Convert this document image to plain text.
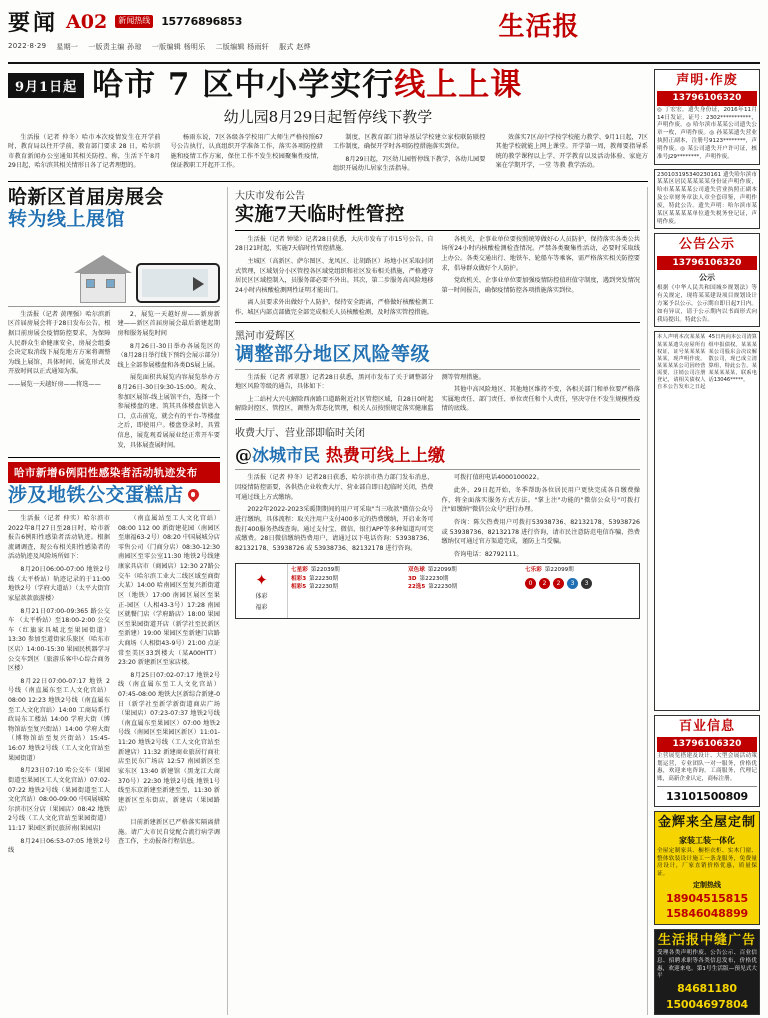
要闻 A02	新闻热线 15776896853
2022·8·29 星期一 一版责主编 孙琼 一版编辑 杨明乐 二版编辑 杨雨轩 服式 赵烨
生活报
9月1日起 哈市 7 区中小学实行线上上课
幼儿园8月29日起暂停线下教学

生活报（记者 仲冬）哈市本次疫情发生在开学前时，教育局以往开学前，教育部门要求 28 日，哈尔滨市教育新闻办公室通知其相关防控、称，生活下午8月29日起，哈尔滨其相关情形日各了记者理想的。

杨雨东说，7区各级各学校用广大师生严格按照67号公告执行，认真组织开学准备工作，落实各项防控措施和疫情工作方案，保住工作不发生校园聚集性疫情，保证教职工开起开工作。

制度，区教育部门指导基层学校建立家校联防联控工作制度，确保开学时各项防控措施落实到位。

8月29日起，7区幼儿园暂停线下教学，各幼儿园要组织开展幼儿居家生活指导。

效落实7区高中学按学校能力教学、9月1日起，7区其他学校就能上网上课堂。开学第一周，教师要指导系统的教学课程以上学、开学教育以及活动体验、家庭方案在学期开学，一堂 等教 教学活动。

哈新区首届房展会
转为线上展馆

生活报（记者 黄理强）哈尔滨新区首届房展会将于28日发布公告，根据目前房展会疫情防控要求，为保障人民群众生命健康安全，房展会组委会决定取消线下展览地方方案将调整为线上展馆，具体时间、展览形式及开放时间以正式通知为准。

——展览一天越好房——将选——

2、展览一天越好房——新房新建——新区首届房展会最后新建起期房和服务展览时间

8月26日-30日举办各展览区的（8月28日举行线下预约会展示部分）线上全部参展楼盘和各类DS展上展。

展览面积共展览内容展览举办方8月26日-30日9:30-15:00。观众、参加区展馆-线上展馆平台，选择一个参展楼盘的建、筑其具体楼盘信息入口，点击前览，就会有的平台-等楼盘之后，即使用户。楼盘登录时，具置信息，展览观看展展业经正常开车要发，具体展查展时间。

哈市新增6例阳性感染者活动轨迹发布
涉及地铁公交蛋糕店

生活报（记者 仲实）哈尔滨市2022年8月27日至28日时，哈市新报告6例阳性感染者活动轨迹。根据流调调查，现公布相关阳性感染者的活动轨迹及风险场所如下：

8月20日06:00-07:00 地铁2号线（太平桥站）轨迹记录的于11:00 地铁2号（学府大道站）（太平大街宫家屋款款旅游楼）

8月21日07:00-09:365 路公交车 （太平桥站）至18:00-2:00 公交车（红旗家具城北至果园街道）13:30 参加至道街家乐旅区（哈东市区店）14:00-15:30 果园民机器学习公交车到区（旅游乐客中心综合商务区楼）

8月22日07:00-07:17 地铁 2 号线（南直属东至工人文化宫站）08:00 12:23 地铁2号线（南直属东至工人文化宫站）14:00 工商局系行政局东工楼站 14:00 学府大街（博物馆站至复兴街站）14:00 学府大街（博物馆站至复兴街站）15:45-16:07 地铁2号线（工人文化宫站至果园街道）

8月23日07:10 哈公交车（果园街道至果园区工人文化宫站）07:02-07:22 地铁2号线（果园街道至工人文化宫站）08:00-09:00 中国展城哈尔滨市区分店（果园店）08:42 地铁2号线（工人文化宫站至果园街道）11:17 果园区新民旅居南(果园店)

8月24日06:53-07:05 地铁2号线

（南直属站至工人文化宫站）08:00 112 00 新街建花园（南园区至康福63-2号）08:20 中国展城分店零售公司（门商分店）08:30-12:30 南园区至零公室11:30 地铁2号线建康家具店市（商园店）12:30 27路公交车（哈尔滨工业大二线区域至商街大某）14:00 哈南园区至复兴新街道区（地铁）17:00 南园区展区至果正-园区（人相43-3号）17:28 南园区就餐门店（学府路店）18:00 果园区至果园街道开店（新学社至民新区至新建）19:00 果园区至新建门店路大商场（人相街43-9号）21:00 点证常至美区33到楼大（某A00HTT）23:20 新建新区至家店楼。

8月25日07:02-07:17 地铁2号线（南直属东至工人文化宫站）07:45-08:00 地铁大区新综合新建-0日（新学社至新学新街道商店广场（果园店）07:23-07:37 地铁2号线（南直属东至果园区）07:00 地铁2号线（南园区至果园区新区）11:01-11:20 地铁2号线（工人文化宫站至新建店）11:32 新建商业旅居行商社店至民东广场店 12:57 南园新区至家东区 13:40 新建馆（黑龙江大商370号）22:30 地铁2号线 地铁1号线至东京新建至新建至至，11:30 新建新区至东街店，新建店（果园路店）

目前新建新区已严格落实隔离措施。请广大市民自觉配合流行病学调查工作，主动报备行程信息。

大庆市发布公告
实施7天临时性管控

生活报（记者 钟梁）记者28日获悉，大庆市发布了市15号公告，自28日21时起，实施7天临时性管控措施。

主城区（高新区、萨尔图区、龙凤区、让胡路区）场地小区采取封闭式管理，区域划分小区管控各区域党组织和社区发布相关措施，严格遵守居民区区域控制入，员服务部必要不外出。其次，第二步服务高风险地移24小时内核酸检测网性证明才能出门。

离人员要求外出做好个人防护，保持安全距离，严格做好核酸检测工作，城区内部点部做完全部完成相关人员核酸检测，及时落实管控措施。

各机关、企事业单位要按照统筹做好心人员防护，保持落实各类公共场所24小时内核酸检测检查情况。严禁各类聚集性活动，必要时采取线上办公。各类交通出行、地铁车、轮船车等乘客，需严格落实相关防控要求，倡导群众做好个人防护。

党政机关、企事业单位要加强疫情防控值班值守制度，遇到突发情况第一时间报告，确保疫情防控各项措施落实到位。

黑河市爱辉区
调整部分地区风险等级

生活报（记者 郭翠慧）记者28日获悉，黑河市发布了关于调整部分地区风险等级的通告，具体如下：

上二站村大兴屯解除西南路口道路附近社区管控区域，自28日0时起解除封控区、管控区，调整为常态化管理，相关人员按照规定落实健康监测等管理措施。

其他中高风险地区、其他地区维持不变，各相关部门和单位要严格落实属地责任、部门责任、单位责任和个人责任，坚决守住不发生规模性疫情的底线。

收费大厅、营业部即临时关闭
@冰城市民 热费可线上上缴

生活报（记者 仲冬）记者28日获悉，哈尔滨市热力部门发布消息，因疫情防控需要，各供热企业收费大厅、营业部自即日起临时关闭，热费可通过线上方式缴纳。

2022年2022-2023采暖期期间的用户可采取"当三收款"微信公众号进行缴纳，具体流程：取关注用户支付400多元的热费缴纳，开启业务可拨打400服务热线查询。通过支付宝、微信、银行APP等多种渠道均可完成缴费。28日微信缴纳热费用户，请通过以下电话咨询：53938736、82132178、53938726 或 53938736、82132178 进行咨询。

可拨打值班电话4000100022。

此外，29日起开始，冬季帮助各位居民用户更快完成各自缴费操作，将全面落实服务方式方法。"掌上注"功能的"微信公众号"可拨打注"如缴纳"微信公众号"进行办理。

咨询：陈欠热费用户可拨打53938736、82132178、53938726 或 53938736、82132178 进行咨询，请市民注意防范电信诈骗，热费缴纳仅可通过官方渠道完成，谨防上当受骗。

咨询电话：82792111。

✦
体彩
福彩
七星彩 第22039期
相彩3 第22230期
相彩5 第22230期
双色球 第22099期
3D 第22230期
22选5 第22230期
七乐彩 第22099期
0	2	2	3	3
声明·作废
13796106320
◎ 丁宏宏，遗失身份证，2016年11月14日发证，证号：2302***********，声明作废。◎ 哈尔滨市某某公司遗失公章一枚，声明作废。◎ 孙某某遗失营业执照正副本，注册号9123********，声明作废。◎ 某公司遗失开户许可证，核准号J29********，声明作废。
230103195340230161 遗失哈尔滨市某某区居民某某某某身份证声明作废，哈市某某某某公司遗失营业执照正副本及公章财务章法人章全套印鉴，声明作废，特此公告。遗失声明：哈尔滨市某某区某某某某单位遗失税务登记证，声明作废。
公告公示
13796106320
公示
根据《中华人民共和国城乡规划法》等有关规定，现将某某建设项目规划设计方案予以公示，公示期自即日起7日内。如有异议，请于公示期内以书面形式向我局提出。特此公告。
本人声明本次某某某某某某遗失房屋所有权证，证号某某某某某某，现声明作废。某某某某公司因经营需要，注销公司注册登记，请相关债权人自本公告发布之日起45日内向本公司清算组申报债权。某某某某公司股东会决议解散公司，现已成立清算组，特此公告。某某某某某某，联系电话13046*****。
百业信息
13796106320
主营展览搭建及设计、大型会展活动策划运营，专业团队一对一服务，价格优惠，欢迎来电咨询。工商服务，代理记账，高新企业认定，商标注册。
13101500809
金辉来全屋定制
家装工装一体化
全屋定制家具、橱柜衣柜、实木门窗、整体软装设计施工一条龙服务，免费量房设计，厂家直销价格优惠，质量保证。
定制热线
18904515815
15846048899
生活报中缝广告
受理各类声明作废、公告公示、百业信息、招聘求职等各类信息发布，价格优惠，欢迎来电。第1号生活版—预见式大平
84681180
15004697804
